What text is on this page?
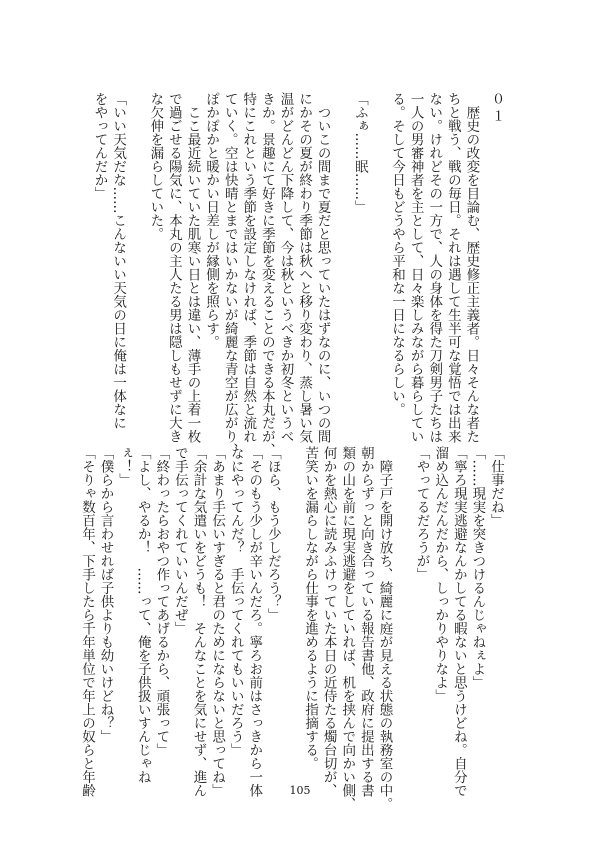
０１
　歴史の改変を目論む、歴史修正主義者。日々そんな者た
ちと戦う、戦の毎日。それは遇して生半可な覚悟では出来
ない。けれどその一方で、人の身体を得た刀剣男子たちは
一人の男審神者を主として、日々楽しみながら暮らしてい
る。そして今日もどうやら平和な一日になるらしい。

「ふぁ……眠……」

　ついこの間まで夏だと思っていたはずなのに、いつの間
にかその夏が終わり季節は秋へと移り変わり、蒸し暑い気
温がどんどん下降して、今は秋というべきか初冬というべ
きか。景趣にて好きに季節を変えることのできる本丸だが、
特にこれという季節を設定しなければ、季節は自然と流れ
ていく。空は快晴とまではいかないが綺麗な青空が広がり、
ぽかぽかと暖かい日差しが縁側を照らす。
　ここ最近続いていた肌寒い日とは違い、薄手の上着一枚
で過ごせる陽気に、本丸の主人たる男は隠しもせずに大き
な欠伸を漏らしていた。

「いい天気だな……こんないい天気の日に俺は一体なに
をやってんだか」
「仕事だね」
「……現実を突きつけるんじゃねぇよ」
「寧ろ現実逃避なんかしてる暇ないと思うけどね。自分で
溜め込んだんだから、しっかりやりなよ」
「やってるだろうが」

　障子戸を開け放ち、綺麗に庭が見える状態の執務室の中。
朝からずっと向き合っている報告書他、政府に提出する書
類の山を前に現実逃避をしていれば、机を挟んで向かい側、
何かを熱心に読みふけっていた本日の近侍たる燭台切が、
苦笑いを漏らしながら仕事を進めるように指摘する。

「ほら、もう少しだろう？」
「そのもう少しが辛いんだろ。寧ろお前はさっきから一体
なにやってんだ？　手伝ってくれてもいいだろう」
「あまり手伝いすぎると君のためにならないと思ってね」
「余計な気遣いをどうも！　そんなことを気にせず、進ん
で手伝ってくれていいんだぜ」
「終わったらおやつ作ってあげるから、頑張って」
「よし、やるか！　……って、俺を子供扱いすんじゃね
ぇ！」
「僕らから言わせれば子供よりも幼いけどね？」
「そりゃ数百年、下手したら千年単位で年上の奴らと年齢	105
